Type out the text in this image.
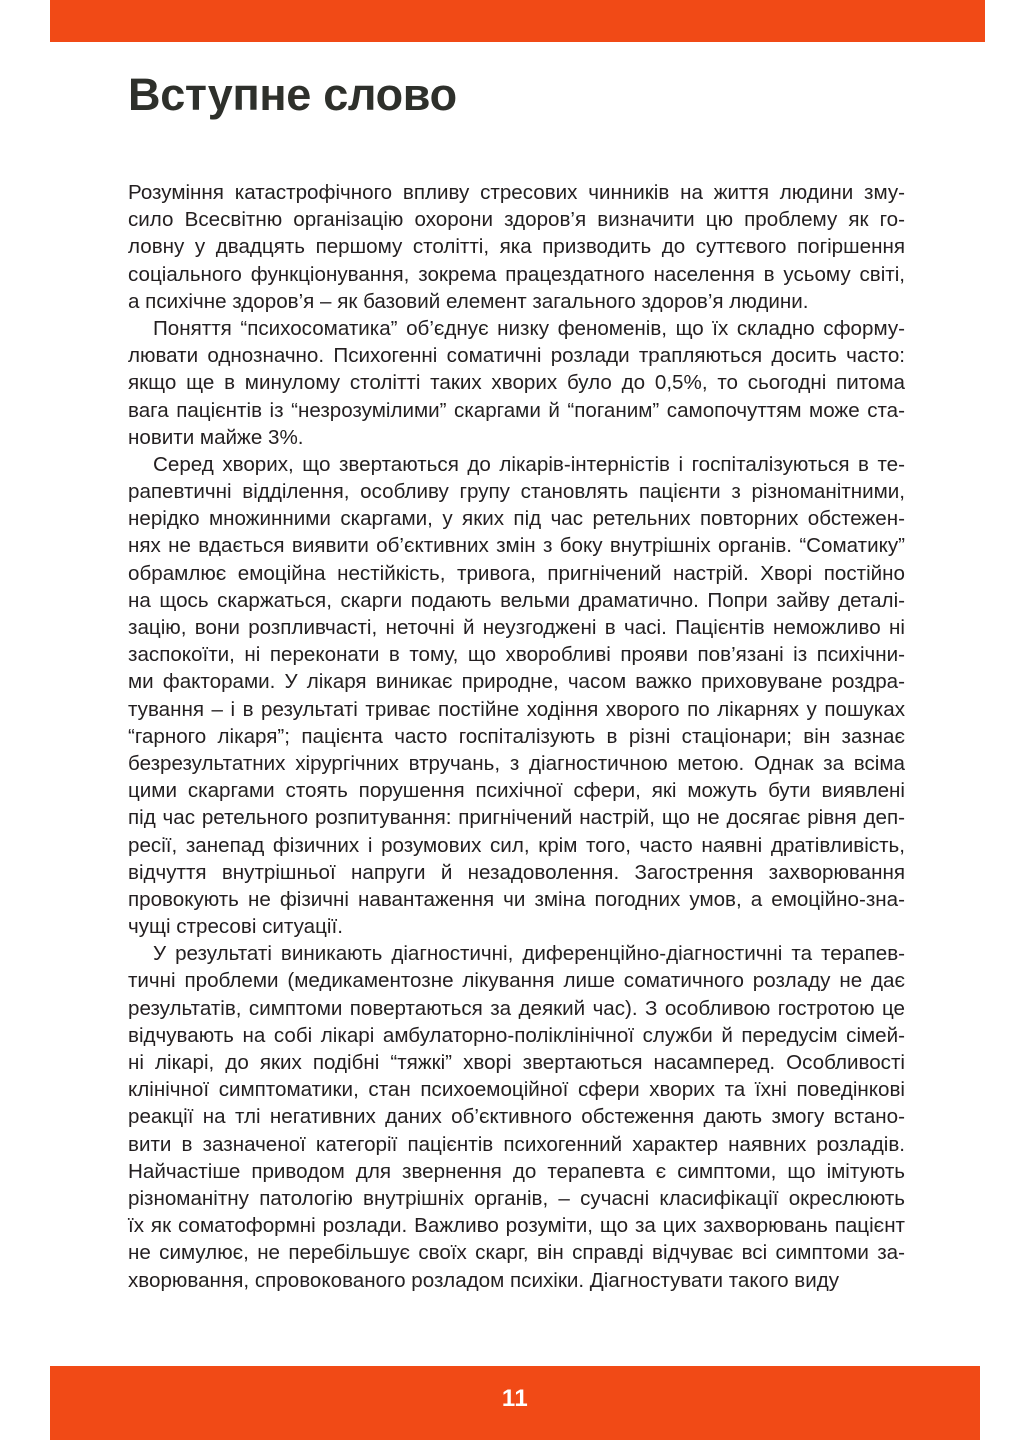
Вступне слово
Розуміння катастрофічного впливу стресових чинників на життя людини зму-
сило Всесвітню організацію охорони здоров’я визначити цю проблему як го-
ловну у двадцять першому столітті, яка призводить до суттєвого погіршення
соціального функціонування, зокрема працездатного населення в усьому світі,
а психічне здоров’я – як базовий елемент загального здоров’я людини.
Поняття “психосоматика” об’єднує низку феноменів, що їх складно сформу-
лювати однозначно. Психогенні соматичні розлади трапляються досить часто:
якщо ще в минулому столітті таких хворих було до 0,5%, то сьогодні питома
вага пацієнтів із “незрозумілими” скаргами й “поганим” самопочуттям може ста-
новити майже 3%.
Серед хворих, що звертаються до лікарів-інтерністів і госпіталізуються в те-
рапевтичні відділення, особливу групу становлять пацієнти з різноманітними,
нерідко множинними скаргами, у яких під час ретельних повторних обстежен-
нях не вдається виявити об’єктивних змін з боку внутрішніх органів. “Соматику”
обрамлює емоційна нестійкість, тривога, пригнічений настрій. Хворі постійно
на щось скаржаться, скарги подають вельми драматично. Попри зайву деталі-
зацію, вони розпливчасті, неточні й неузгоджені в часі. Пацієнтів неможливо ні
заспокоїти, ні переконати в тому, що хворобливі прояви пов’язані із психічни-
ми факторами. У лікаря виникає природне, часом важко приховуване роздра-
тування – і в результаті триває постійне ходіння хворого по лікарнях у пошуках
“гарного лікаря”; пацієнта часто госпіталізують в різні стаціонари; він зазнає
безрезультатних хірургічних втручань, з діагностичною метою. Однак за всіма
цими скаргами стоять порушення психічної сфери, які можуть бути виявлені
під час ретельного розпитування: пригнічений настрій, що не досягає рівня деп-
ресії, занепад фізичних і розумових сил, крім того, часто наявні дратівливість,
відчуття внутрішньої напруги й незадоволення. Загострення захворювання
провокують не фізичні навантаження чи зміна погодних умов, а емоційно-зна-
чущі стресові ситуації.
У результаті виникають діагностичні, диференційно-діагностичні та терапев-
тичні проблеми (медикаментозне лікування лише соматичного розладу не дає
результатів, симптоми повертаються за деякий час). З особливою гостротою це
відчувають на собі лікарі амбулаторно-поліклінічної служби й передусім сімей-
ні лікарі, до яких подібні “тяжкі” хворі звертаються насамперед. Особливості
клінічної симптоматики, стан психоемоційної сфери хворих та їхні поведінкові
реакції на тлі негативних даних об’єктивного обстеження дають змогу встано-
вити в зазначеної категорії пацієнтів психогенний характер наявних розладів.
Найчастіше приводом для звернення до терапевта є симптоми, що імітують
різноманітну патологію внутрішніх органів, – сучасні класифікації окреслюють
їх як соматоформні розлади. Важливо розуміти, що за цих захворювань пацієнт
не симулює, не перебільшує своїх скарг, він справді відчуває всі симптоми за-
хворювання, спровокованого розладом психіки. Діагностувати такого виду
11
